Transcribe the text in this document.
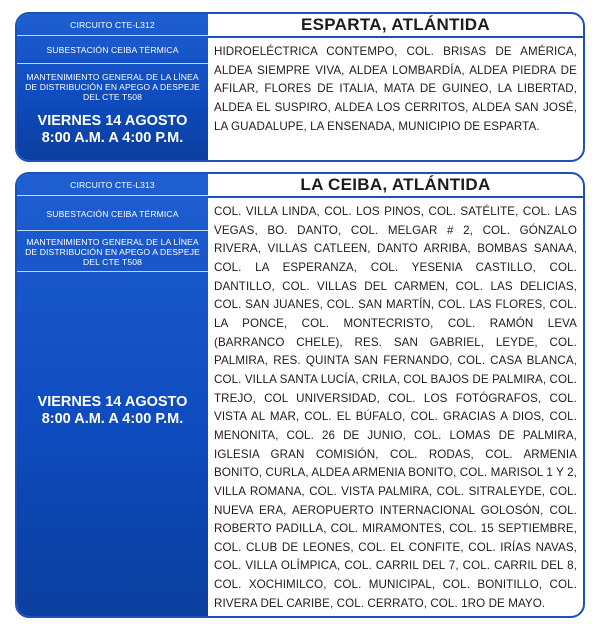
CIRCUITO CTE-L312
SUBESTACIÓN CEIBA TÉRMICA
MANTENIMIENTO GENERAL DE LA LÍNEA DE DISTRIBUCIÓN EN APEGO A DESPEJE DEL CTE T508
VIERNES 14 AGOSTO
8:00 A.M. A 4:00 P.M.
ESPARTA, ATLÁNTIDA
HIDROELÉCTRICA CONTEMPO, COL. BRISAS DE AMÉRICA, ALDEA SIEMPRE VIVA, ALDEA LOMBARDÍA, ALDEA PIEDRA DE AFILAR, FLORES DE ITALIA, MATA DE GUINEO, LA LIBERTAD, ALDEA EL SUSPIRO, ALDEA LOS CERRITOS, ALDEA SAN JOSÉ, LA GUADALUPE, LA ENSENADA, MUNICIPIO DE ESPARTA.
CIRCUITO CTE-L313
SUBESTACIÓN CEIBA TÉRMICA
MANTENIMIENTO GENERAL DE LA LÍNEA DE DISTRIBUCIÓN EN APEGO A DESPEJE DEL CTE T508
VIERNES 14 AGOSTO
8:00 A.M. A 4:00 P.M.
LA CEIBA, ATLÁNTIDA
COL. VILLA LINDA, COL. LOS PINOS, COL. SATÉLITE, COL. LAS VEGAS, BO. DANTO, COL. MELGAR # 2, COL. GÓNZALO RIVERA, VILLAS CATLEEN, DANTO ARRIBA, BOMBAS SANAA, COL. LA ESPERANZA, COL. YESENIA CASTILLO, COL. DANTILLO, COL. VILLAS DEL CARMEN, COL. LAS DELICIAS, COL. SAN JUANES, COL. SAN MARTÍN, COL. LAS FLORES, COL. LA PONCE, COL. MONTECRISTO, COL. RAMÓN LEVA (BARRANCO CHELE), RES. SAN GABRIEL, LEYDE, COL. PALMIRA, RES. QUINTA SAN FERNANDO, COL. CASA BLANCA, COL. VILLA SANTA LUCÍA, CRILA, COL BAJOS DE PALMIRA, COL. TREJO, COL UNIVERSIDAD, COL. LOS FOTÓGRAFOS, COL. VISTA AL MAR, COL. EL BÚFALO, COL. GRACIAS A DIOS, COL. MENONITA, COL. 26 DE JUNIO, COL. LOMAS DE PALMIRA, IGLESIA GRAN COMISIÓN, COL. RODAS, COL. ARMENIA BONITO, CURLA, ALDEA ARMENIA BONITO, COL. MARISOL 1 Y 2, VILLA ROMANA, COL. VISTA PALMIRA, COL. SITRALEYDE, COL. NUEVA ERA, AEROPUERTO INTERNACIONAL GOLOSÓN, COL. ROBERTO PADILLA, COL. MIRAMONTES, COL. 15 SEPTIEMBRE, COL. CLUB DE LEONES, COL. EL CONFITE, COL. IRÍAS NAVAS, COL. VILLA OLÍMPICA, COL. CARRIL DEL 7, COL. CARRIL DEL 8, COL. XOCHIMILCO, COL. MUNICIPAL, COL. BONITILLO, COL. RIVERA DEL CARIBE, COL. CERRATO, COL. 1RO DE MAYO.
